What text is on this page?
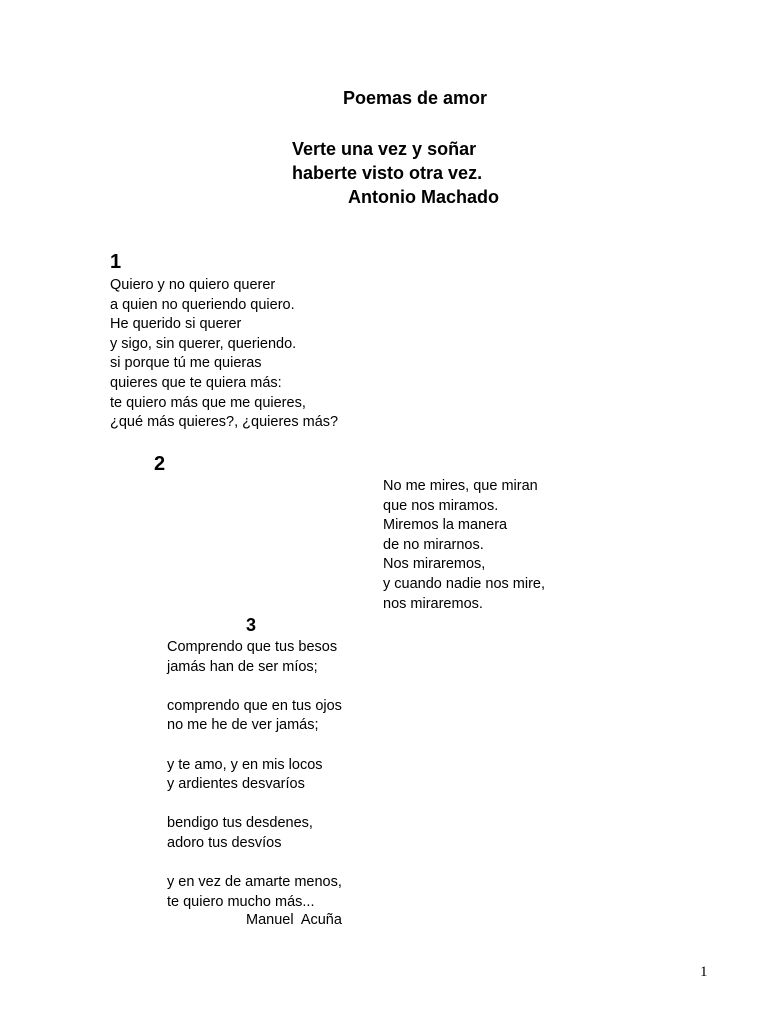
Poemas de amor
Verte una vez y soñar
haberte visto otra vez.
Antonio Machado
1
Quiero y no quiero querer
a quien no queriendo quiero.
He querido si querer
y sigo, sin querer, queriendo.
si porque tú me quieras
quieres que te quiera más:
te quiero más que me quieres,
¿qué más quieres?, ¿quieres más?
2
No me mires, que miran
que nos miramos.
Miremos la manera
de no mirarnos.
Nos miraremos,
y cuando nadie nos mire,
nos miraremos.
3
Comprendo que tus besos
jamás han de ser míos;
comprendo que en tus ojos
no me he de ver jamás;
y te amo, y en mis locos
y ardientes desvaríos
bendigo tus desdenes,
adoro tus desvíos
y en vez de amarte menos,
te quiero mucho más...
Manuel  Acuña
1
